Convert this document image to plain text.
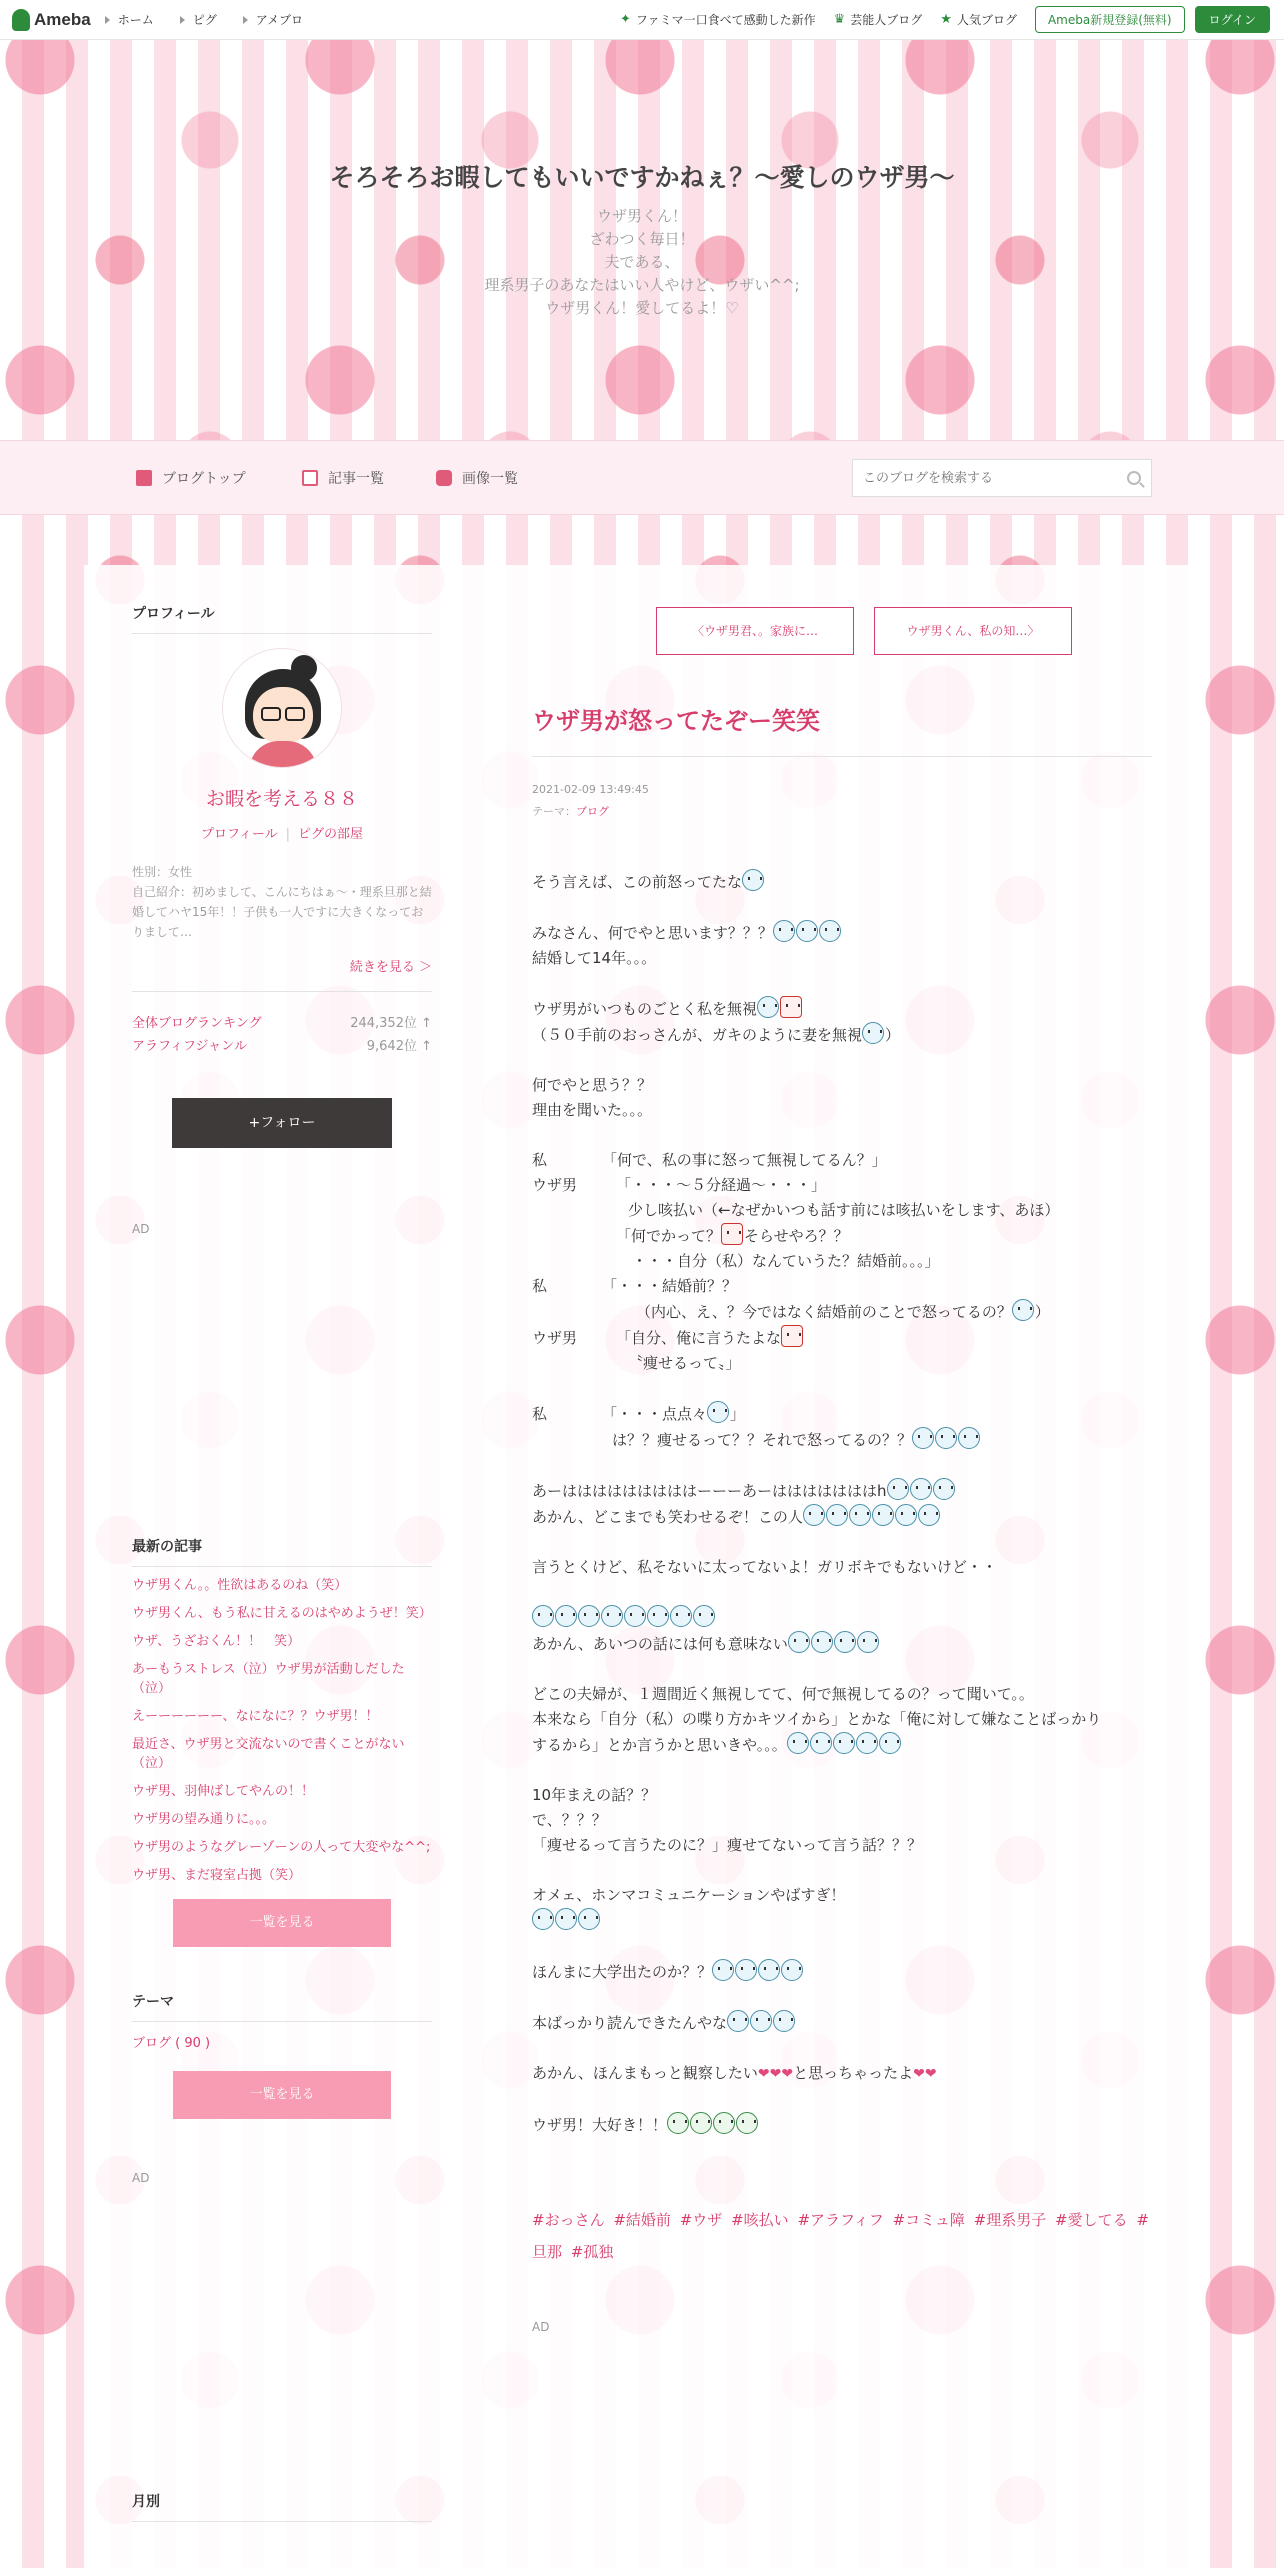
Ameba	ホーム	ピグ	アメブロ	✦ ファミマ一口食べて感動した新作 ♛ 芸能人ブログ ★ 人気ブログ	Ameba新規登録(無料)	ログイン
そろそろお暇してもいいですかねぇ？〜愛しのウザ男〜
ウザ男くん！
ざわつく毎日！
夫である、
理系男子のあなたはいい人やけど、ウザい^^;
ウザ男くん！愛してるよ！♡
ブログトップ	記事一覧	画像一覧
このブログを検索する
プロフィール
お暇を考える８８
プロフィール | ピグの部屋
性別：女性
自己紹介：初めまして、こんにちはぁ〜・理系旦那と結婚してハヤ15年！！子供も一人ですに大きくなっておりまして…
続きを見る ＞
全体ブログランキング	244,352位 ↑
アラフィフジャンル	9,642位 ↑
+フォロー
AD
最新の記事
ウザ男くん。。性欲はあるのね（笑）
ウザ男くん、もう私に甘えるのはやめようぜ！笑）
ウザ、うざおくん！！　笑）
あーもうストレス（泣）ウザ男が活動しだした（泣）
えーーーーーー、なになに？？ウザ男！！
最近さ、ウザ男と交流ないので書くことがない（泣）
ウザ男、羽伸ばしてやんの！！
ウザ男の望み通りに。。。
ウザ男のようなグレーゾーンの人って大変やな^^;
ウザ男、まだ寝室占拠（笑）
一覧を見る
テーマ
ブログ ( 90 )
一覧を見る
AD
月別
〈ウザ男君、。家族に…	ウザ男くん、私の知…〉
ウザ男が怒ってたぞー笑笑
2021-02-09 13:49:45
テーマ：ブログ

そう言えば、この前怒ってたな

みなさん、何でやと思います？？？

結婚して14年。。。

ウザ男がいつものごとく私を無視

（５０手前のおっさんが、ガキのように妻を無視 ）

何でやと思う？？

理由を聞いた。。。

私	「何で、私の事に怒って無視してるん？」

ウザ男	「・・・〜５分経過〜・・・」

少し咳払い（←なぜかいつも話す前には咳払いをします、あほ）

「何でかって？ そらせやろ？？

・・・自分（私）なんていうた？結婚前。。。」

私	「・・・結婚前？？

（内心、え、？今ではなく結婚前のことで怒ってるの？ ）

ウザ男	「自分、俺に言うたよな

〝痩せるって〟」

私	「・・・点点々 」

は？？痩せるって？？それで怒ってるの？？

あーはははははははははーーーあーはははははははh

あかん、どこまでも笑わせるぞ！この人

言うとくけど、私そないに太ってないよ！ガリボキでもないけど・・

あかん、あいつの話には何も意味ない

どこの夫婦が、１週間近く無視してて、何で無視してるの？って聞いて。。

本来なら「自分（私）の喋り方かキツイから」とかな「俺に対して嫌なことばっかり

するから」とか言うかと思いきや。。。

10年まえの話？？

で、？？？

「痩せるって言うたのに？」痩せてないって言う話？？？

オメェ、ホンマコミュニケーションやばすぎ！

ほんまに大学出たのか？？

本ばっかり読んできたんやな

あかん、ほんまもっと観察したい❤❤❤と思っちゃったよ❤❤

ウザ男！大好き！！

#おっさん #結婚前 #ウザ #咳払い #アラフィフ #コミュ障 #理系男子 #愛してる #旦那 #孤独
AD
